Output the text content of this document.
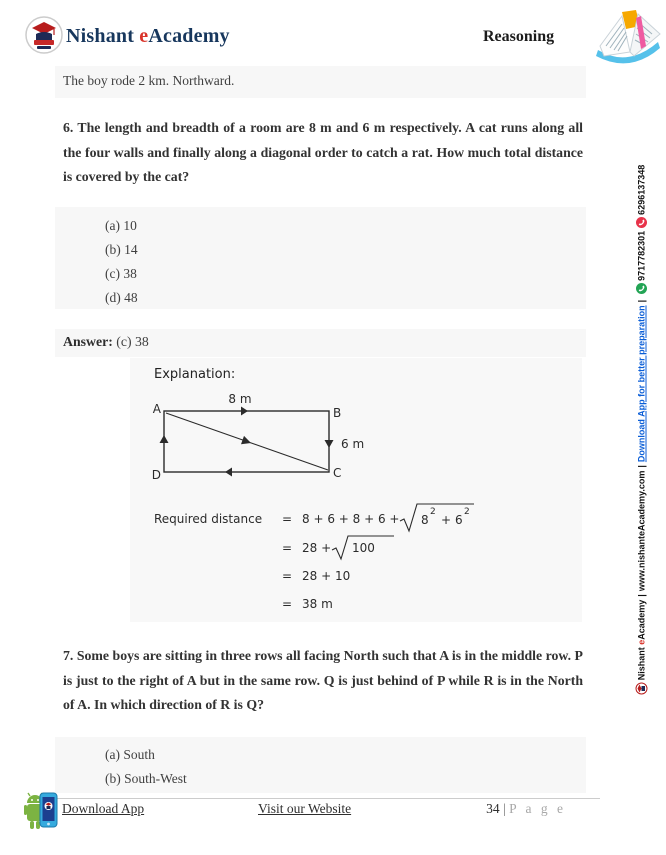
Nishant eAcademy	Reasoning
The boy rode 2 km. Northward.
6. The length and breadth of a room are 8 m and 6 m respectively. A cat runs along all the four walls and finally along a diagonal order to catch a rat. How much total distance is covered by the cat?
(a) 10
(b) 14
(c) 38
(d) 48
Answer: (c) 38
Explanation:
A	B
C
D
8 m
6 m
Required distance = 8 + 6 + 8 + 6 + 8
2
+ 6
2
= 28 + 100
= 28 + 10
= 38 m
7. Some boys are sitting in three rows all facing North such that A is in the middle row. P is just to the right of A but in the same row. Q is just behind of P while R is in the North of A. In which direction of R is Q?
(a) South
(b) South-West
Nishant eAcademy
|
www.nishanteAcademy.com
|
Download App for better preparation
|
9717782301
6296137348
Download App	Visit our Website	34 | P a g e
